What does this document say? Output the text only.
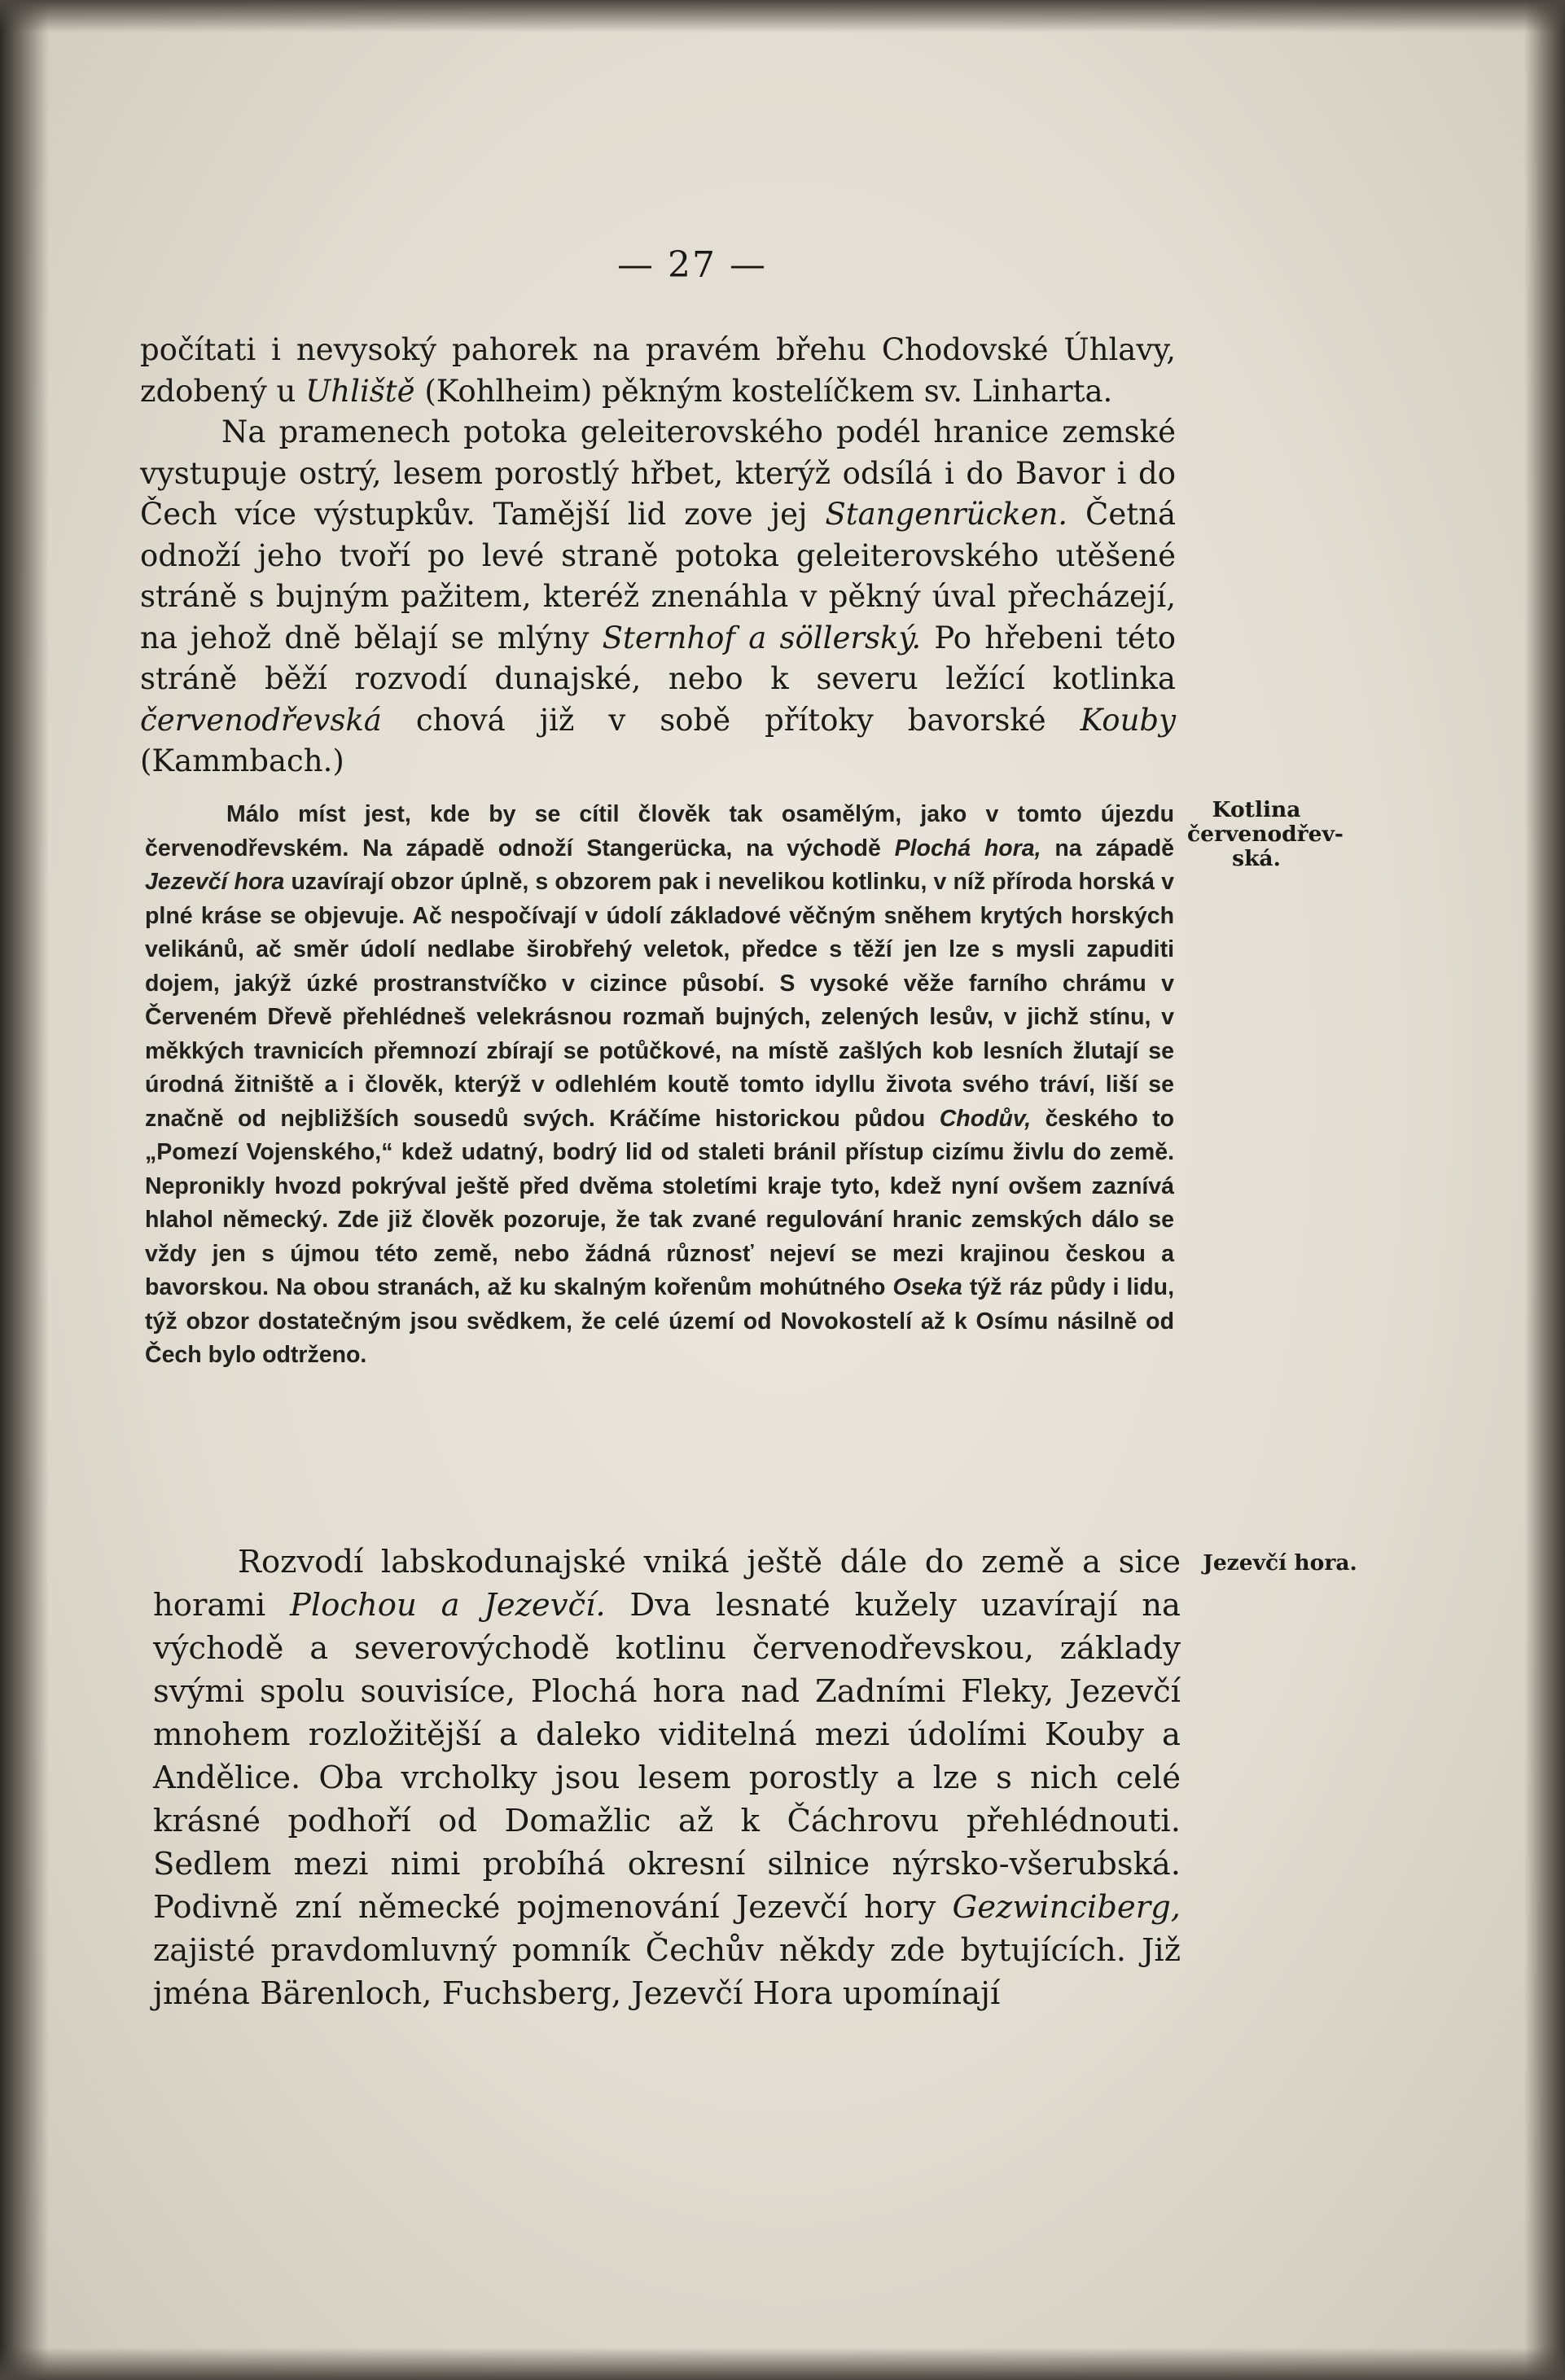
— 27 —

počítati i nevysoký pahorek na pravém břehu Chodovské Úhlavy, zdobený u Uhliště (Kohlheim) pěkným kostelíčkem sv. Linharta.
Na pramenech potoka geleiterovského podél hranice zemské vystupuje ostrý, lesem porostlý hřbet, kterýž odsílá i do Bavor i do Čech více výstupkův. Tamější lid zove jej Stangenrücken. Četná odnoží jeho tvoří po levé straně potoka geleiterovského utěšené stráně s bujným pažitem, kteréž znenáhla v pěkný úval přecházejí, na jehož dně bělají se mlýny Sternhof a söllerský. Po hřebeni této stráně běží rozvodí dunajské, nebo k severu ležící kotlinka červenodřevská chová již v sobě přítoky bavorské Kouby (Kammbach.)

Málo míst jest, kde by se cítil člověk tak osamělým, jako v tomto újezdu červenodřevském. Na západě odnoží Stangerücka, na východě Plochá hora, na západě Jezevčí hora uzavírají obzor úplně, s obzorem pak i nevelikou kotlinku, v níž příroda horská v plné kráse se objevuje. Ač nespočívají v údolí základové věčným sněhem krytých horských velikánů, ač směr údolí nedlabe širobřehý veletok, předce s těží jen lze s mysli zapuditi dojem, jakýž úzké prostranstvíčko v cizince působí. S vysoké věže farního chrámu v Červeném Dřevě přehlédneš velekrásnou rozmaň bujných, zelených lesův, v jichž stínu, v měkkých travnicích přemnozí zbírají se potůčkové, na místě zašlých kob lesních žlutají se úrodná žitniště a i člověk, kterýž v odlehlém koutě tomto idyllu života svého tráví, liší se značně od nejbližších sousedů svých. Kráčíme historickou půdou Chodův, českého to „Pomezí Vojenského,“ kdež udatný, bodrý lid od staleti bránil přístup cizímu živlu do země. Nepronikly hvozd pokrýval ještě před dvěma stoletími kraje tyto, kdež nyní ovšem zaznívá hlahol německý. Zde již člověk pozoruje, že tak zvané regulování hranic zemských dálo se vždy jen s újmou této země, nebo žádná různosť nejeví se mezi krajinou českou a bavorskou. Na obou stranách, až ku skalným kořenům mohútného Oseka týž ráz půdy i lidu, týž obzor dostatečným jsou svědkem, že celé území od Novokostelí až k Osímu násilně od Čech bylo odtrženo.

Rozvodí labskodunajské vniká ještě dále do země a sice horami Plochou a Jezevčí. Dva lesnaté kužely uzavírají na východě a severovýchodě kotlinu červenodřevskou, základy svými spolu souvisíce, Plochá hora nad Zadními Fleky, Jezevčí mnohem rozložitější a daleko viditelná mezi údolími Kouby a Andělice. Oba vrcholky jsou lesem porostly a lze s nich celé krásné podhoří od Domažlic až k Čáchrovu přehlédnouti. Sedlem mezi nimi probíhá okresní silnice nýrsko-všerubská. Podivně zní německé pojmenování Jezevčí hory Gezwinciberg, zajisté pravdomluvný pomník Čechův někdy zde bytujících. Již jména Bärenloch, Fuchsberg, Jezevčí Hora upomínají

Kotlina
červenodřev-
ská.
Jezevčí hora.
